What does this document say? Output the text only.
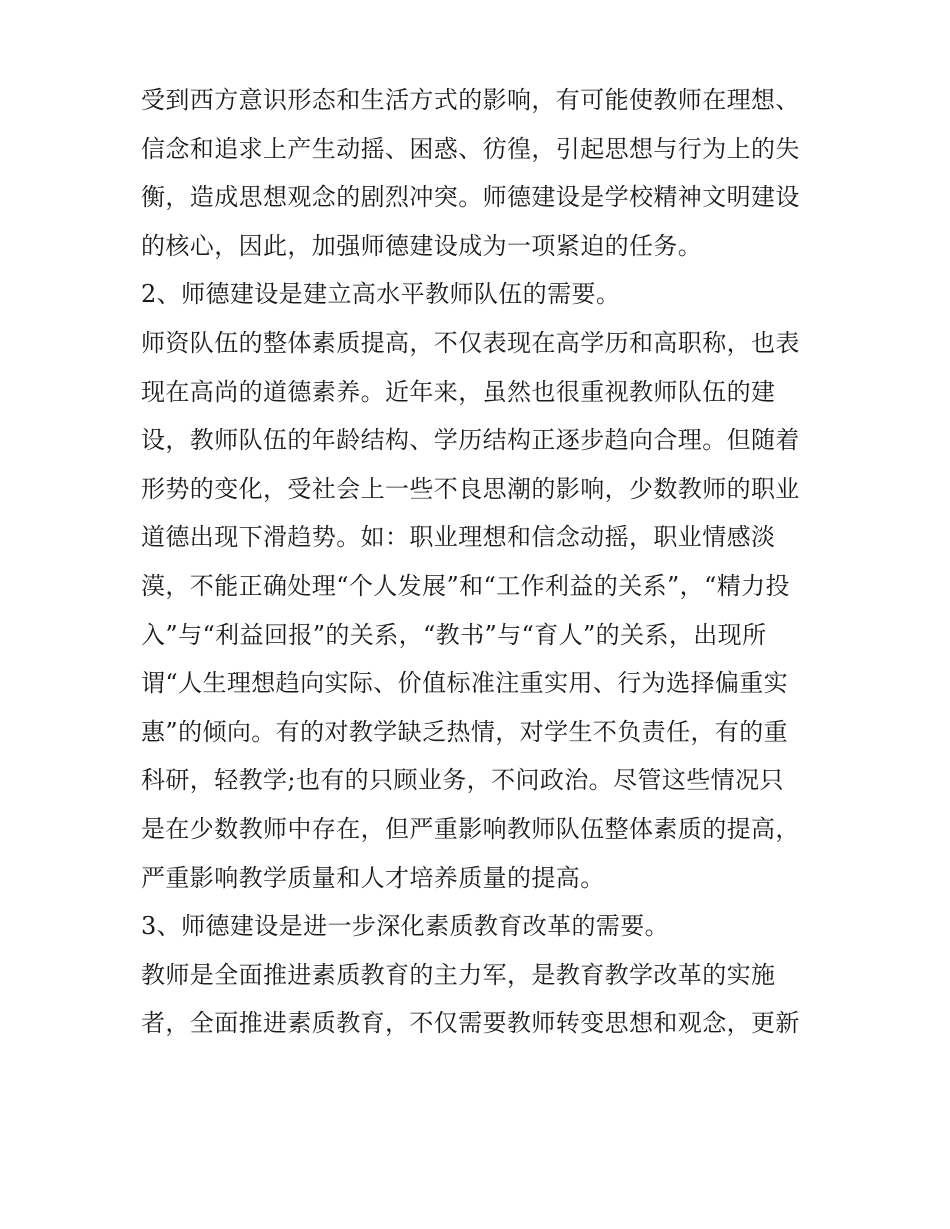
受到西方意识形态和生活方式的影响，有可能使教师在理想、
信念和追求上产生动摇、困惑、彷徨，引起思想与行为上的失
衡，造成思想观念的剧烈冲突。师德建设是学校精神文明建设
的核心，因此，加强师德建设成为一项紧迫的任务。
2、师德建设是建立高水平教师队伍的需要。
师资队伍的整体素质提高，不仅表现在高学历和高职称，也表
现在高尚的道德素养。近年来，虽然也很重视教师队伍的建
设，教师队伍的年龄结构、学历结构正逐步趋向合理。但随着
形势的变化，受社会上一些不良思潮的影响，少数教师的职业
道德出现下滑趋势。如：职业理想和信念动摇，职业情感淡
漠，不能正确处理“个人发展”和“工作利益的关系”，“精力投
入”与“利益回报”的关系，“教书”与“育人”的关系，出现所
谓“人生理想趋向实际、价值标准注重实用、行为选择偏重实
惠”的倾向。有的对教学缺乏热情，对学生不负责任，有的重
科研，轻教学;也有的只顾业务，不问政治。尽管这些情况只
是在少数教师中存在，但严重影响教师队伍整体素质的提高，
严重影响教学质量和人才培养质量的提高。
3、师德建设是进一步深化素质教育改革的需要。
教师是全面推进素质教育的主力军，是教育教学改革的实施
者，全面推进素质教育，不仅需要教师转变思想和观念，更新
